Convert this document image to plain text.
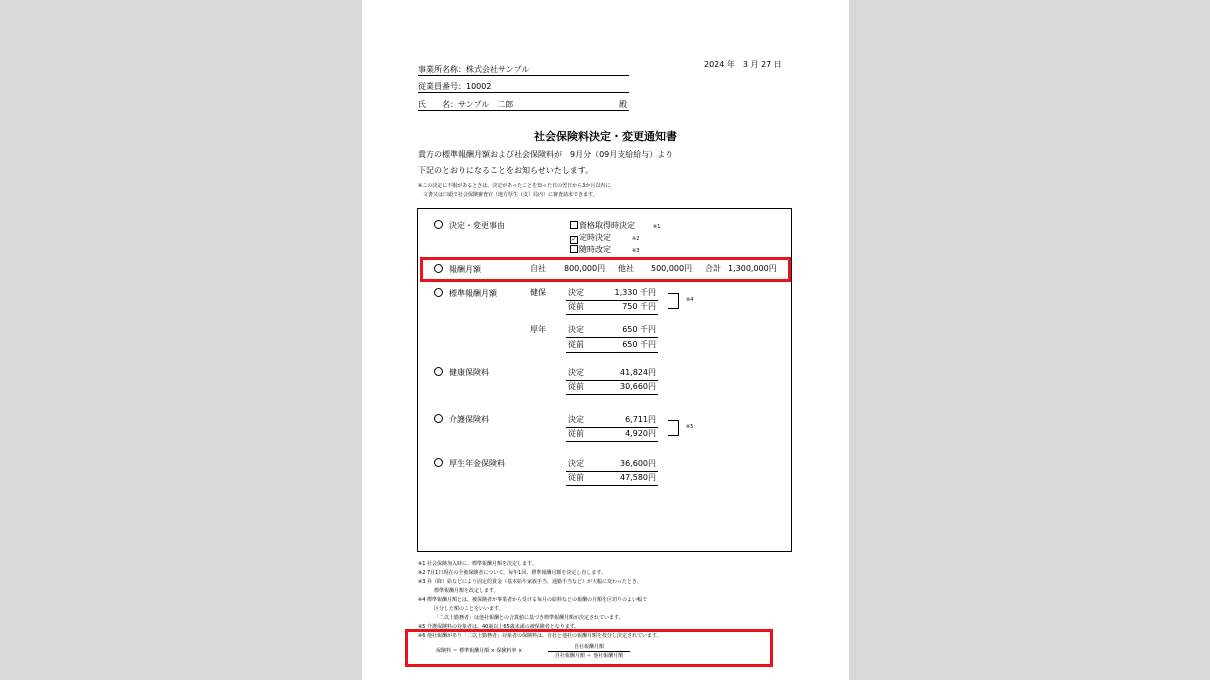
事業所名称：株式会社サンプル
従業員番号：10002
氏　　名：サンプル　二郎	殿
2024 年　3 月 27 日
社会保険料決定・変更通知書
貴方の標準報酬月額および社会保険料が　9月分（09月支給給与）より
下記のとおりになることをお知らせいたします。
※この決定に不服があるときは、決定があったことを知った日の翌日から3か月以内に
　文書又は口頭で社会保険審査官（地方厚生（支）局内）に審査請求できます。
決定・変更事由	資格取得時決定	※1
✓ 定時決定	※2
随時改定	※3
報酬月額	自社 800,000円 他社 500,000円 合計 1,300,000円
標準報酬月額	健保	決定	1,330 千円
従前	750 千円
※4
厚年	決定	650 千円
従前	650 千円
健康保険料	決定	41,824円
従前	30,660円
介護保険料	決定	6,711円
従前	4,920円
※5
厚生年金保険料	決定	36,600円
従前	47,580円
※1 社会保険加入時に、標準報酬月額を決定します。
※2 7月1日現在の全被保険者について、毎年1回、標準報酬月額を決定し直します。
※3 昇（降）給などにより固定的賃金（基本給や家族手当、通勤手当など）が大幅に変わったとき、
標準報酬月額を改定します。
※4 標準報酬月額とは、被保険者が事業者から受ける毎月の給料などの報酬の月額を区切りのよい幅で
区分した額のことをいいます。
「二以上勤務者」は他社報酬との合算値に基づき標準報酬月額が決定されています。
※5 介護保険料の対象者は、40歳以上65歳未満の被保険者となります。
※6 他社報酬があり「二以上勤務者」対象者の保険料は、自社と他社の報酬月額を按分し決定されています。
保険料 ＝ 標準報酬月額 × 保険料率 ×
自社報酬月額
自社報酬月額 ＋ 他社報酬月額
